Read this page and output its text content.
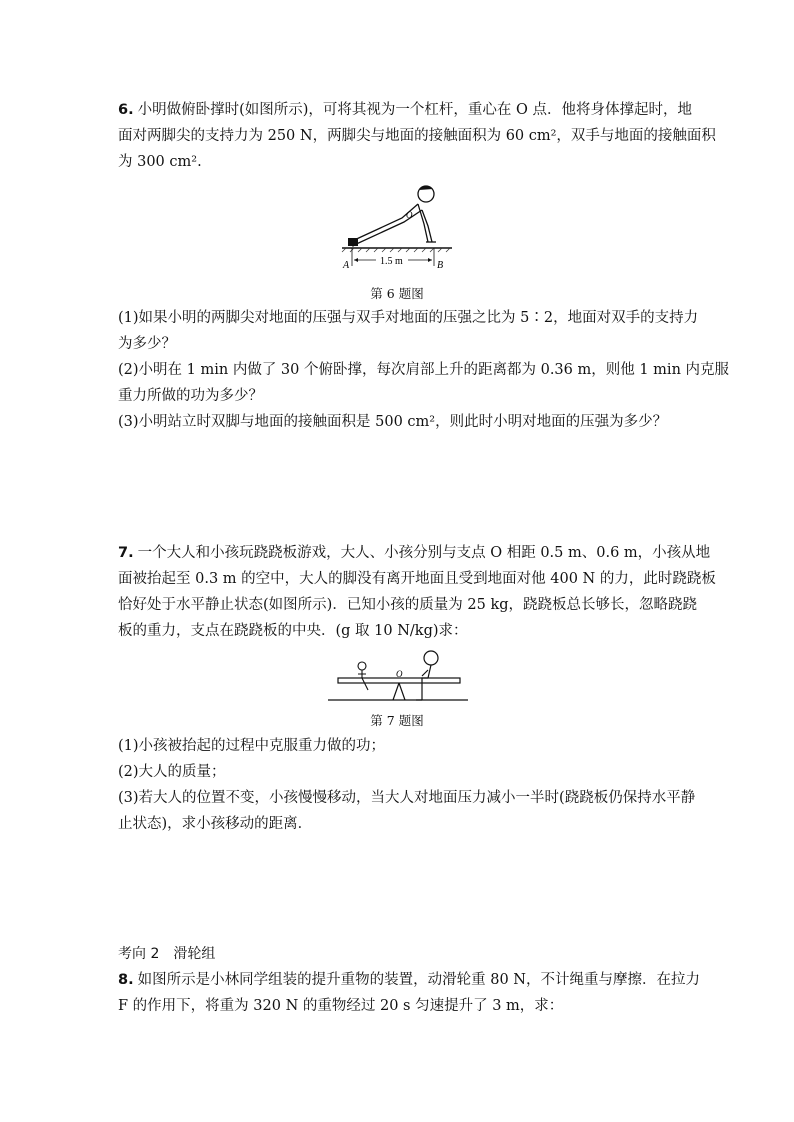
6. 小明做俯卧撑时(如图所示)，可将其视为一个杠杆，重心在 O 点．他将身体撑起时，地
面对两脚尖的支持力为 250 N，两脚尖与地面的接触面积为 60 cm²，双手与地面的接触面积
为 300 cm².
O
1.5 m
A	B
第 6 题图
(1)如果小明的两脚尖对地面的压强与双手对地面的压强之比为 5∶2，地面对双手的支持力
为多少？
(2)小明在 1 min 内做了 30 个俯卧撑，每次肩部上升的距离都为 0.36 m，则他 1 min 内克服
重力所做的功为多少？
(3)小明站立时双脚与地面的接触面积是 500 cm²，则此时小明对地面的压强为多少？
7. 一个大人和小孩玩跷跷板游戏，大人、小孩分别与支点 O 相距 0.5 m、0.6 m，小孩从地
面被抬起至 0.3 m 的空中，大人的脚没有离开地面且受到地面对他 400 N 的力，此时跷跷板
恰好处于水平静止状态(如图所示)．已知小孩的质量为 25 kg，跷跷板总长够长，忽略跷跷
板的重力，支点在跷跷板的中央．(g 取 10 N/kg)求：
O
第 7 题图
(1)小孩被抬起的过程中克服重力做的功；
(2)大人的质量；
(3)若大人的位置不变，小孩慢慢移动，当大人对地面压力减小一半时(跷跷板仍保持水平静
止状态)，求小孩移动的距离．
考向 2　滑轮组
8. 如图所示是小林同学组装的提升重物的装置，动滑轮重 80 N，不计绳重与摩擦．在拉力
F 的作用下，将重为 320 N 的重物经过 20 s 匀速提升了 3 m，求：
